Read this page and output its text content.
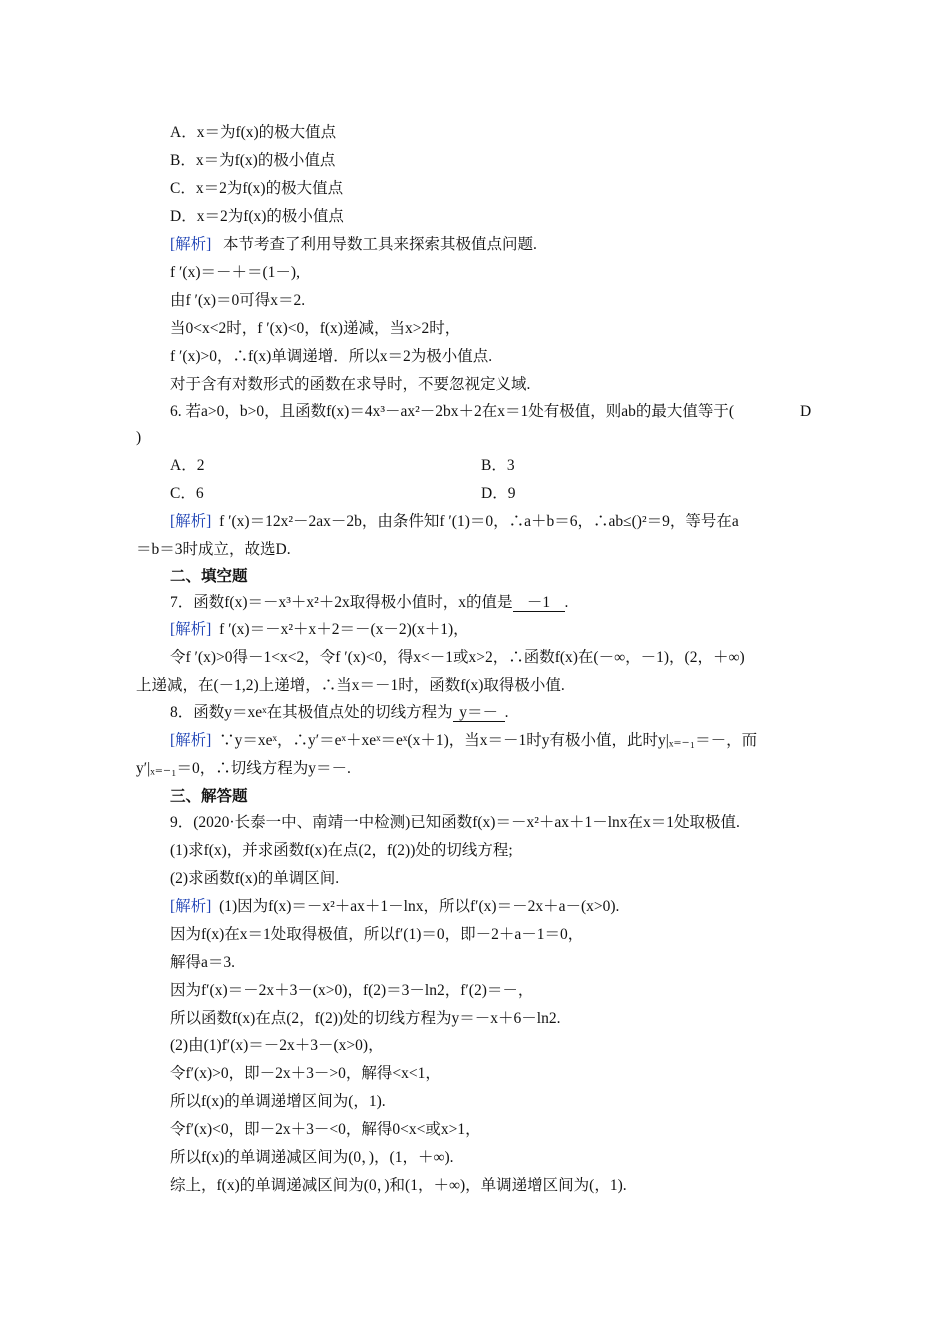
A．x＝为f(x)的极大值点
B．x＝为f(x)的极小值点
C．x＝2为f(x)的极大值点
D．x＝2为f(x)的极小值点
[解析] 本节考查了利用导数工具来探索其极值点问题.
f ′(x)＝－＋＝(1－),
由f ′(x)＝0可得x＝2.
当0<x<2时，f ′(x)<0，f(x)递减，当x>2时，
f ′(x)>0，∴f(x)单调递增．所以x＝2为极小值点.
对于含有对数形式的函数在求导时，不要忽视定义域.
6. 若a>0，b>0，且函数f(x)＝4x³－ax²－2bx＋2在x＝1处有极值，则ab的最大值等于(	D
)
A．2	B．3
C．6	D．9
[解析] f ′(x)＝12x²－2ax－2b，由条件知f ′(1)＝0，∴a＋b＝6，∴ab≤()²＝9，等号在a
＝b＝3时成立，故选D.
二、填空题
7．函数f(x)＝－x³＋x²＋2x取得极小值时，x的值是 －1 .
[解析] f ′(x)＝－x²＋x＋2＝－(x－2)(x＋1)，
令f ′(x)>0得－1<x<2，令f ′(x)<0，得x<－1或x>2，∴函数f(x)在(－∞，－1)，(2，＋∞)
上递减，在(－1,2)上递增，∴当x＝－1时，函数f(x)取得极小值.
8．函数y＝xeˣ在其极值点处的切线方程为 y＝－ .
[解析] ∵y＝xeˣ，∴y′＝eˣ＋xeˣ＝eˣ(x＋1)，当x＝－1时y有极小值，此时y|ₓ₌₋₁＝－，而
y′|ₓ₌₋₁＝0，∴切线方程为y＝－.
三、解答题
9．(2020·长泰一中、南靖一中检测)已知函数f(x)＝－x²＋ax＋1－lnx在x＝1处取极值.
(1)求f(x)，并求函数f(x)在点(2，f(2))处的切线方程;
(2)求函数f(x)的单调区间.
[解析] (1)因为f(x)＝－x²＋ax＋1－lnx，所以f′(x)＝－2x＋a－(x>0).
因为f(x)在x＝1处取得极值，所以f′(1)＝0，即－2＋a－1＝0，
解得a＝3.
因为f′(x)＝－2x＋3－(x>0)，f(2)＝3－ln2，f′(2)＝－，
所以函数f(x)在点(2，f(2))处的切线方程为y＝－x＋6－ln2.
(2)由(1)f′(x)＝－2x＋3－(x>0)，
令f′(x)>0，即－2x＋3－>0，解得<x<1，
所以f(x)的单调递增区间为(，1).
令f′(x)<0，即－2x＋3－<0，解得0<x<或x>1，
所以f(x)的单调递减区间为(0，)，(1，＋∞).
综上，f(x)的单调递减区间为(0，)和(1，＋∞)，单调递增区间为(，1).
